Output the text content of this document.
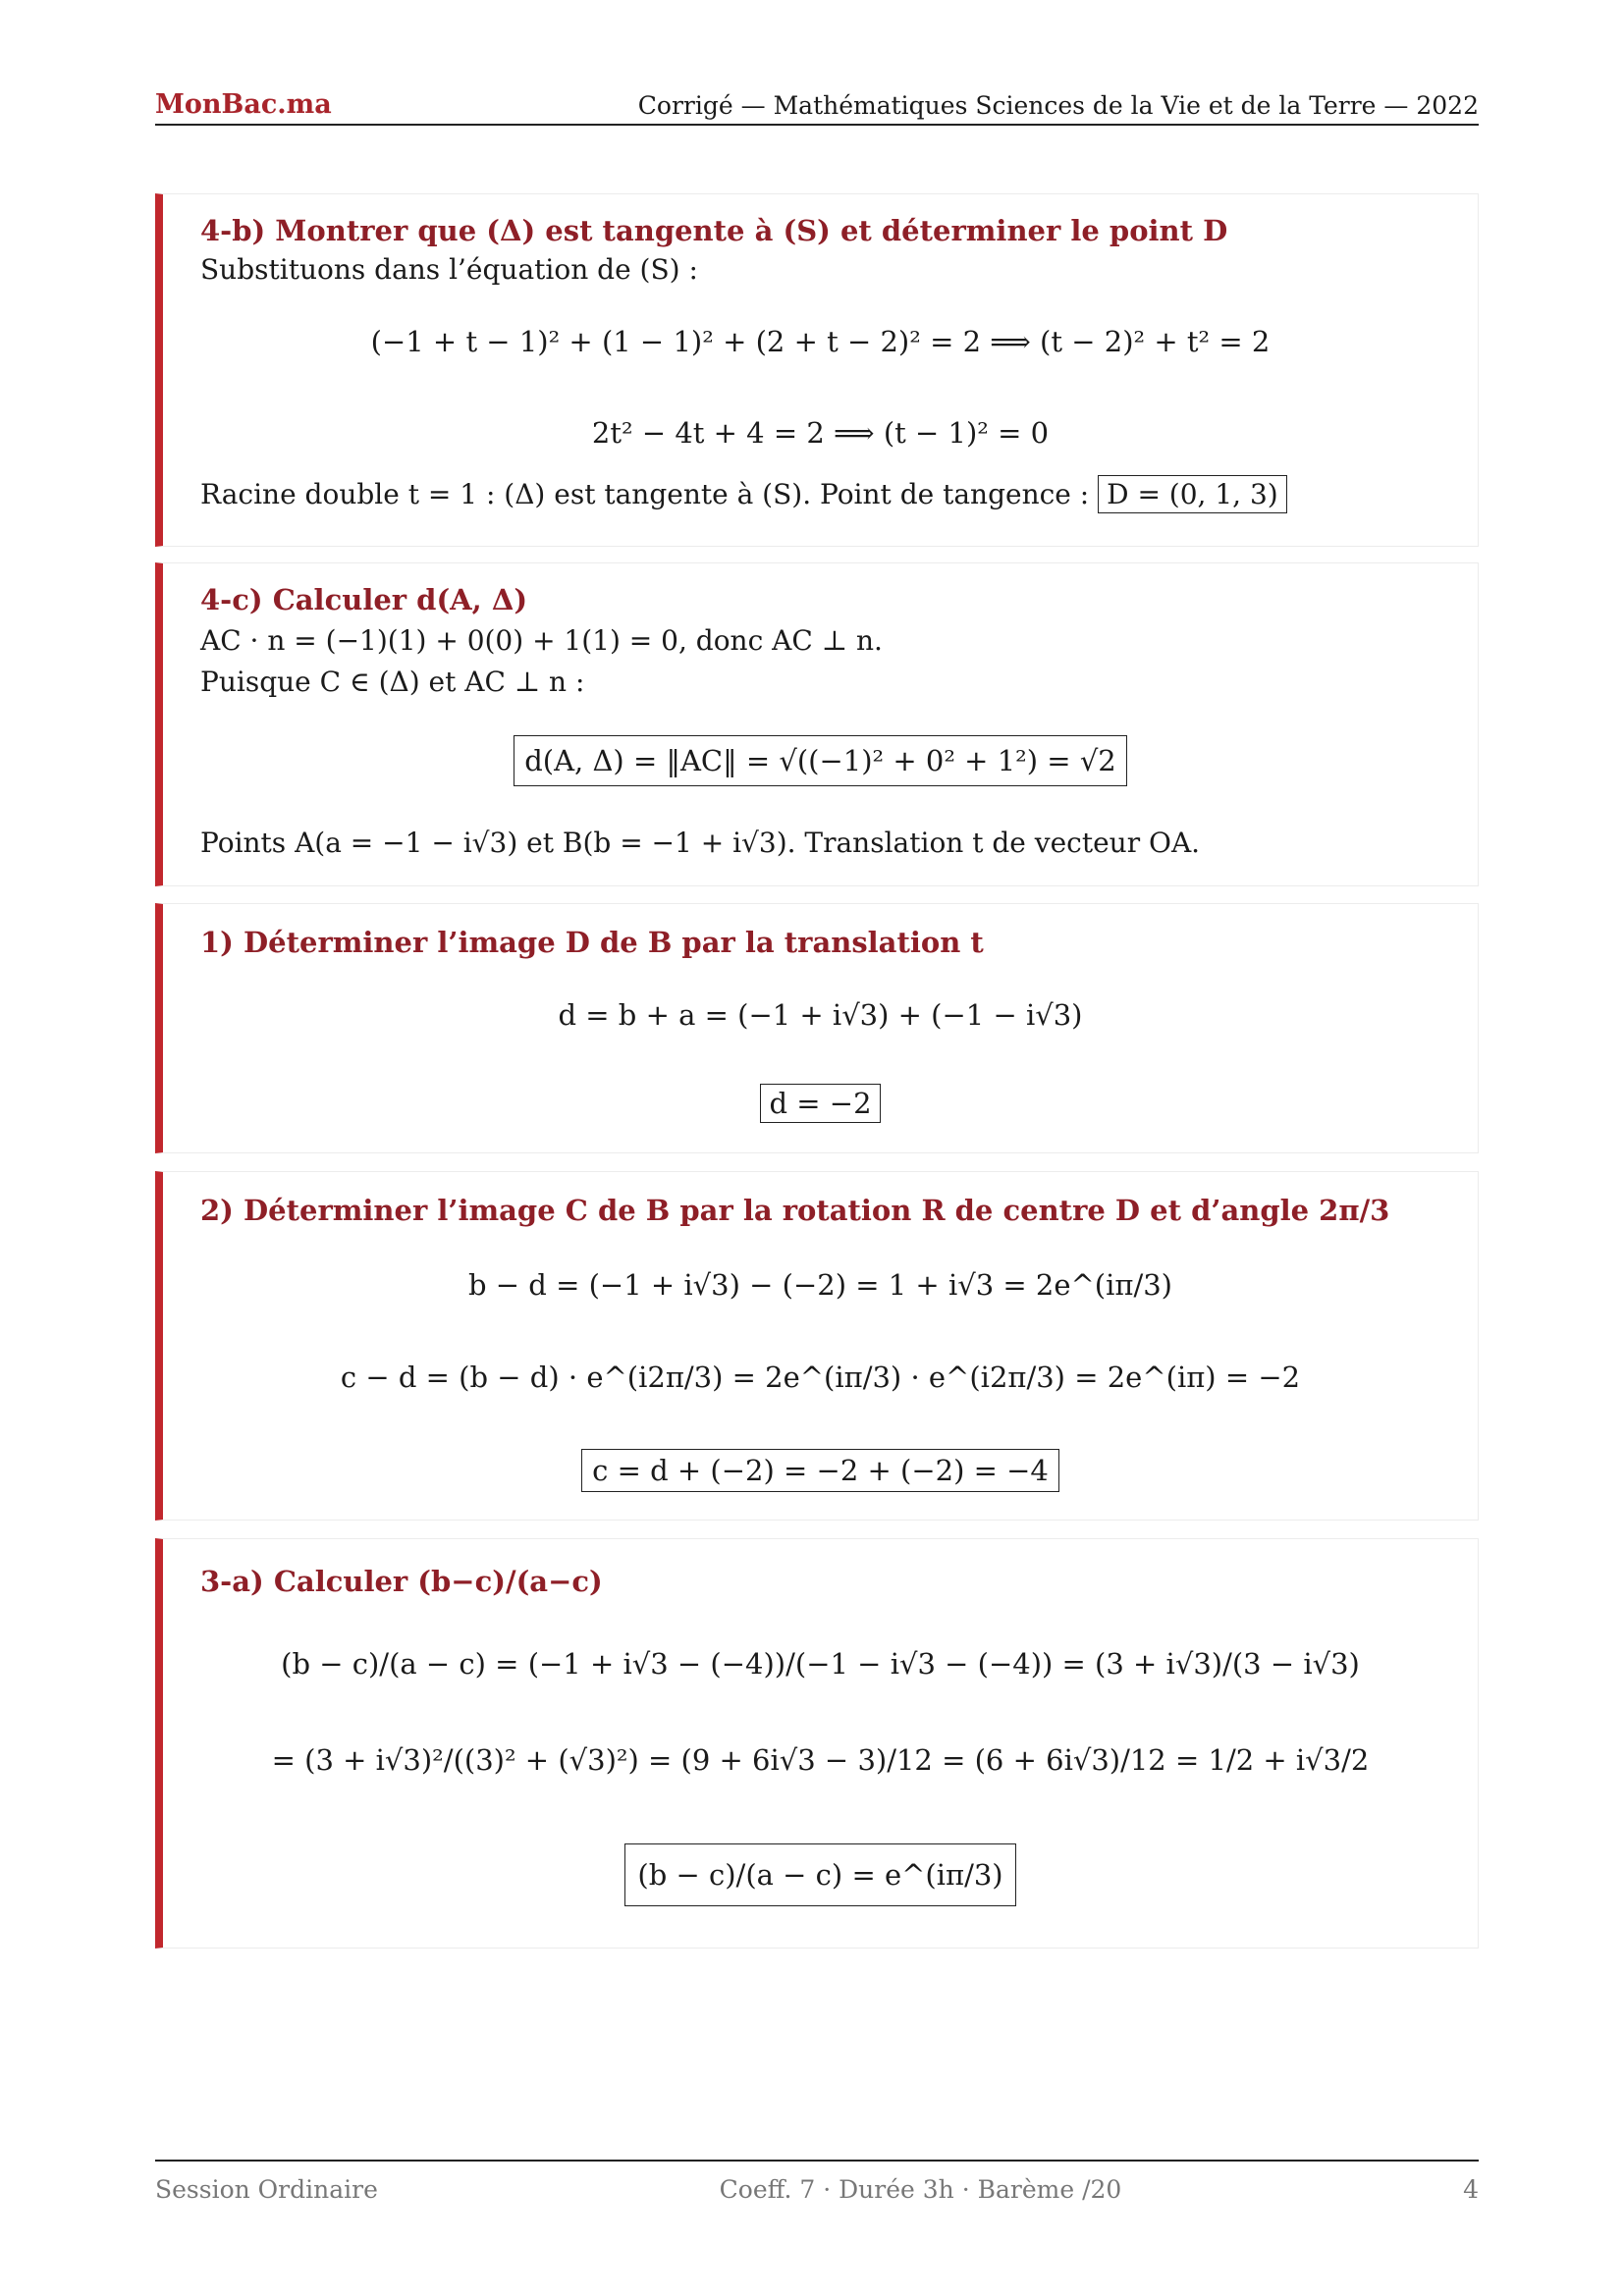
MonBac.ma	Corrigé — Mathématiques Sciences de la Vie et de la Terre — 2022
4-b) Montrer que (Δ) est tangente à (S) et déterminer le point D
Substituons dans l’équation de (S) :
(−1 + t − 1)² + (1 − 1)² + (2 + t − 2)² = 2 ⟹ (t − 2)² + t² = 2
2t² − 4t + 4 = 2 ⟹ (t − 1)² = 0
Racine double t = 1 : (Δ) est tangente à (S). Point de tangence : D = (0, 1, 3)
4-c) Calculer d(A, Δ)
AC · n = (−1)(1) + 0(0) + 1(1) = 0, donc AC ⊥ n.
Puisque C ∈ (Δ) et AC ⊥ n :
d(A, Δ) = ‖AC‖ = √((−1)² + 0² + 1²) = √2
Points A(a = −1 − i√3) et B(b = −1 + i√3). Translation t de vecteur OA.
1) Déterminer l’image D de B par la translation t
d = b + a = (−1 + i√3) + (−1 − i√3)
d = −2
2) Déterminer l’image C de B par la rotation R de centre D et d’angle 2π/3
b − d = (−1 + i√3) − (−2) = 1 + i√3 = 2e^(iπ/3)
c − d = (b − d) · e^(i2π/3) = 2e^(iπ/3) · e^(i2π/3) = 2e^(iπ) = −2
c = d + (−2) = −2 + (−2) = −4
3-a) Calculer (b−c)/(a−c)
(b − c)/(a − c) = (−1 + i√3 − (−4))/(−1 − i√3 − (−4)) = (3 + i√3)/(3 − i√3)
= (3 + i√3)²/((3)² + (√3)²) = (9 + 6i√3 − 3)/12 = (6 + 6i√3)/12 = 1/2 + i√3/2
(b − c)/(a − c) = e^(iπ/3)
Session Ordinaire	Coeff. 7 · Durée 3h · Barème /20	4
